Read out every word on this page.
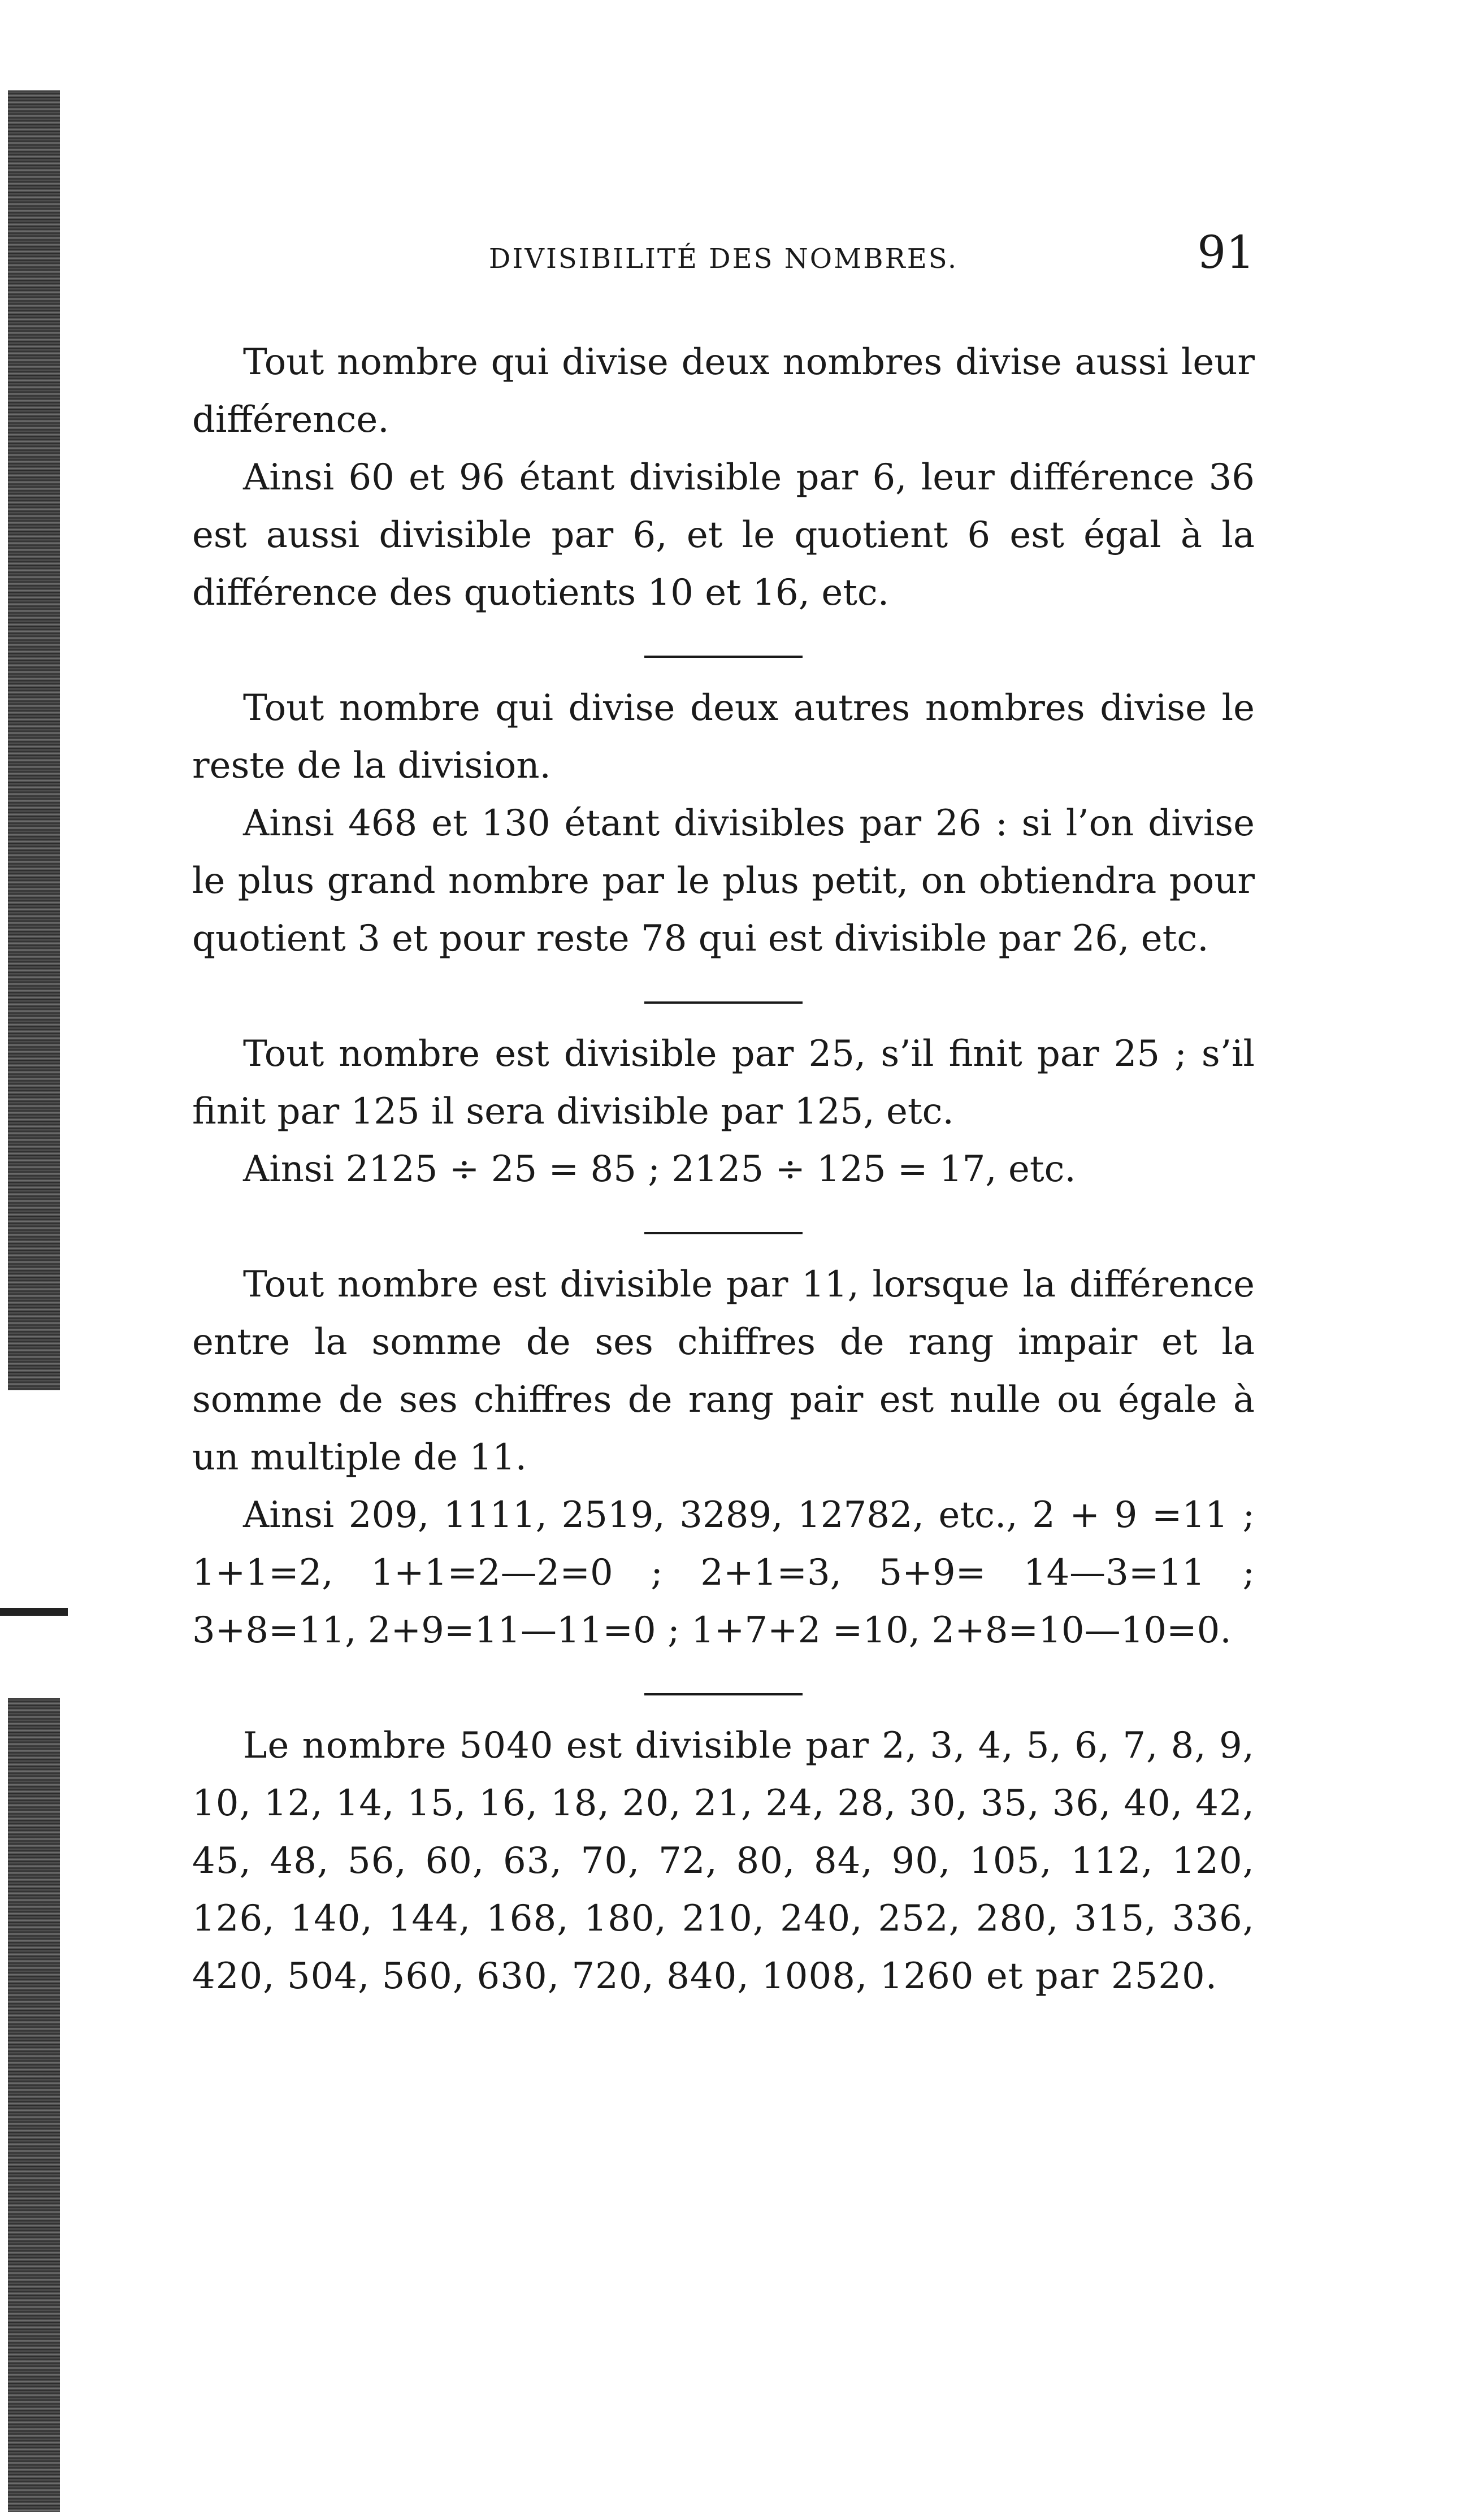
DIVISIBILITÉ DES NOMBRES.	91

Tout nombre qui divise deux nombres divise aussi leur différence.

Ainsi 60 et 96 étant divisible par 6, leur différence 36 est aussi divisible par 6, et le quotient 6 est égal à la différence des quotients 10 et 16, etc.

Tout nombre qui divise deux autres nombres divise le reste de la division.

Ainsi 468 et 130 étant divisibles par 26 : si l’on divise le plus grand nombre par le plus petit, on obtiendra pour quotient 3 et pour reste 78 qui est divisible par 26, etc.

Tout nombre est divisible par 25, s’il finit par 25 ; s’il finit par 125 il sera divisible par 125, etc.

Ainsi 2125 ÷ 25 = 85 ; 2125 ÷ 125 = 17, etc.

Tout nombre est divisible par 11, lorsque la différence entre la somme de ses chiffres de rang impair et la somme de ses chiffres de rang pair est nulle ou égale à un multiple de 11.

Ainsi 209, 1111, 2519, 3289, 12782, etc., 2 + 9 =11 ; 1+1=2, 1+1=2—2=0 ; 2+1=3, 5+9= 14—3=11 ; 3+8=11, 2+9=11—11=0 ; 1+7+2 =10, 2+8=10—10=0.

Le nombre 5040 est divisible par 2, 3, 4, 5, 6, 7, 8, 9, 10, 12, 14, 15, 16, 18, 20, 21, 24, 28, 30, 35, 36, 40, 42, 45, 48, 56, 60, 63, 70, 72, 80, 84, 90, 105, 112, 120, 126, 140, 144, 168, 180, 210, 240, 252, 280, 315, 336, 420, 504, 560, 630, 720, 840, 1008, 1260 et par 2520.
